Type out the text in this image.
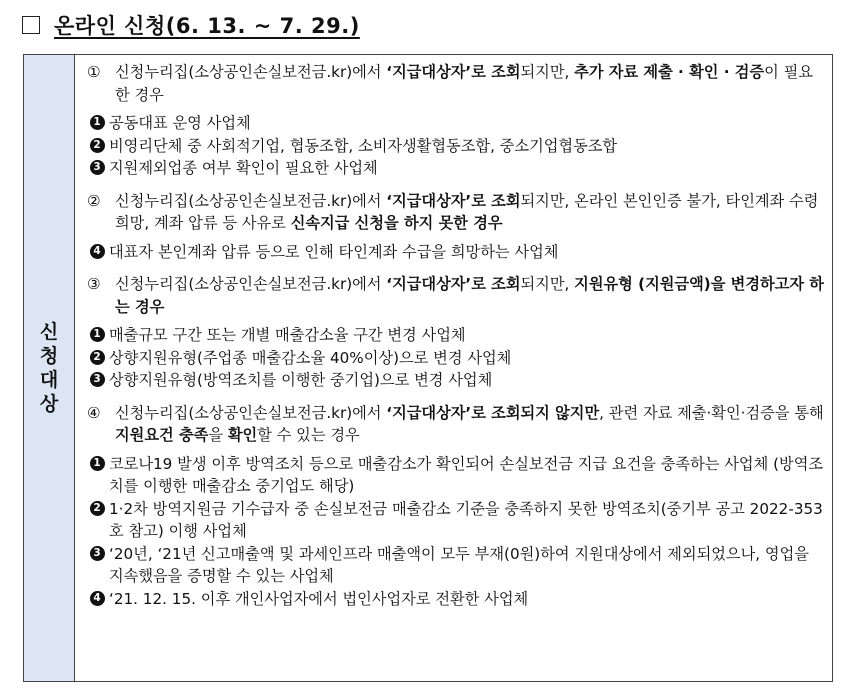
온라인 신청(6. 13. ~ 7. 29.)
신청대상
① 신청누리집(소상공인손실보전금.kr)에서 ‘지급대상자’로 조회되지만, 추가 자료 제출 · 확인 · 검증이 필요한 경우
1 공동대표 운영 사업체
2 비영리단체 중 사회적기업, 협동조합, 소비자생활협동조합, 중소기업협동조합
3 지원제외업종 여부 확인이 필요한 사업체
② 신청누리집(소상공인손실보전금.kr)에서 ‘지급대상자’로 조회되지만, 온라인 본인인증 불가, 타인계좌 수령희망, 계좌 압류 등 사유로 신속지급 신청을 하지 못한 경우
4 대표자 본인계좌 압류 등으로 인해 타인계좌 수급을 희망하는 사업체
③ 신청누리집(소상공인손실보전금.kr)에서 ‘지급대상자’로 조회되지만, 지원유형 (지원금액)을 변경하고자 하는 경우
1 매출규모 구간 또는 개별 매출감소율 구간 변경 사업체
2 상향지원유형(주업종 매출감소율 40%이상)으로 변경 사업체
3 상향지원유형(방역조치를 이행한 중기업)으로 변경 사업체
④ 신청누리집(소상공인손실보전금.kr)에서 ‘지급대상자’로 조회되지 않지만, 관련 자료 제출·확인·검증을 통해 지원요건 충족을 확인할 수 있는 경우
1 코로나19 발생 이후 방역조치 등으로 매출감소가 확인되어 손실보전금 지급 요건을 충족하는 사업체 (방역조치를 이행한 매출감소 중기업도 해당)
2 1·2차 방역지원금 기수급자 중 손실보전금 매출감소 기준을 충족하지 못한 방역조치(중기부 공고 2022-353호 참고) 이행 사업체
3 ‘20년, ‘21년 신고매출액 및 과세인프라 매출액이 모두 부재(0원)하여 지원대상에서 제외되었으나, 영업을 지속했음을 증명할 수 있는 사업체
4 ‘21. 12. 15. 이후 개인사업자에서 법인사업자로 전환한 사업체
